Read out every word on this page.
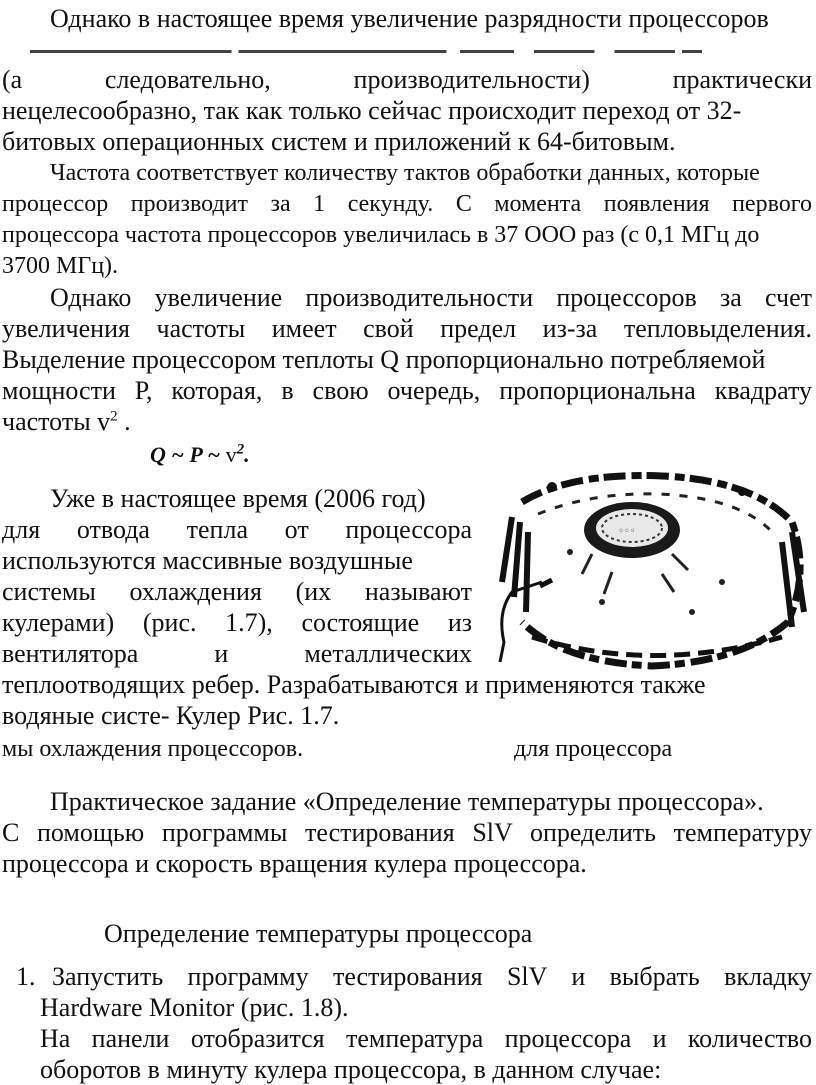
Однако в настоящее время увеличение разрядности процессоров
(а следовательно, производительности) практически
нецелесообразно, так как только сейчас происходит переход от 32-
битовых операционных систем и приложений к 64-битовым.
Частота соответствует количеству тактов обработки данных, которые
процессор производит за 1 секунду. С момента появления первого
процессора частота процессоров увеличилась в 37 ООО раз (с 0,1 МГц до
3700 МГц).
Однако увеличение производительности процессоров за счет
увеличения частоты имеет свой предел из-за тепловыделения.
Выделение процессором теплоты Q пропорционально потребляемой
мощности Р, которая, в свою очередь, пропорциональна квадрату
частоты $v^2$ .
Q ~ P ~ $v^2$.
Уже в настоящее время (2006 год)
для отвода тепла от процессора
используются массивные воздушные
системы охлаждения (их называют
кулерами) (рис. 1.7), состоящие из
вентилятора и металлических
теплоотводящих ребер. Разрабатываются и применяются также
водяные систе- Кулер Рис. 1.7.
мы охлаждения процессоров.	для процессора
◦◦◦
Практическое задание «Определение температуры процессора».
С помощью программы тестирования SlV определить температуру
процессора и скорость вращения кулера процессора.
Определение температуры процессора
1. Запустить программу тестирования SlV и выбрать вкладку
Hardware Monitor (рис. 1.8).
На панели отобразится температура процессора и количество
оборотов в минуту кулера процессора, в данном случае:
